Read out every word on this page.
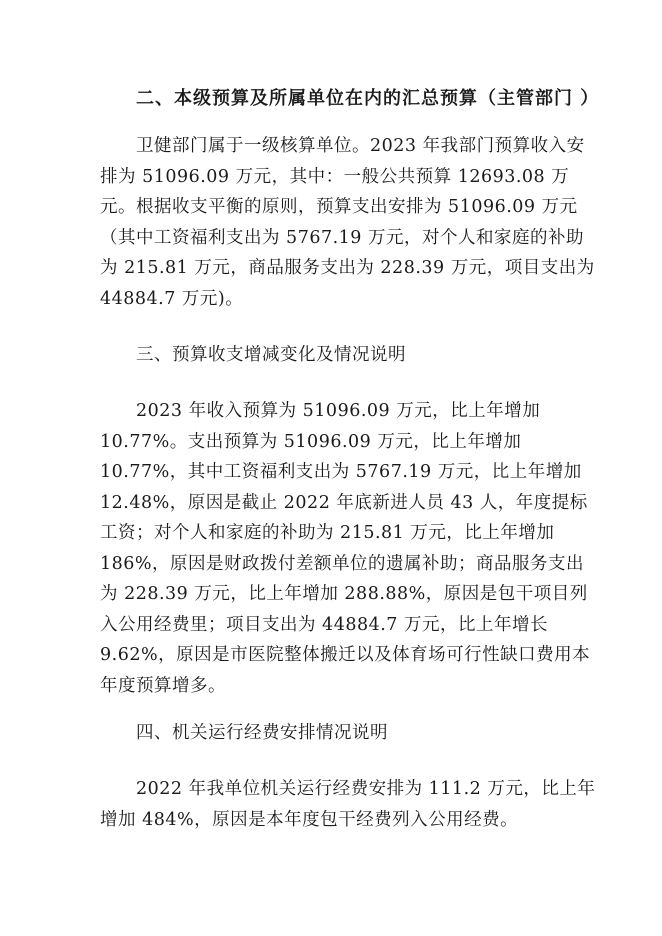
二、本级预算及所属单位在内的汇总预算（主管部门 ）

卫健部门属于一级核算单位。2023 年我部门预算收入安排为 51096.09 万元，其中：一般公共预算 12693.08 万元。根据收支平衡的原则，预算支出安排为 51096.09 万元（其中工资福利支出为 5767.19 万元，对个人和家庭的补助为 215.81 万元，商品服务支出为 228.39 万元，项目支出为 44884.7 万元)。

三、预算收支增减变化及情况说明

2023 年收入预算为 51096.09 万元，比上年增加 10.77%。支出预算为 51096.09 万元，比上年增加 10.77%，其中工资福利支出为 5767.19 万元，比上年增加 12.48%，原因是截止 2022 年底新进人员 43 人，年度提标工资；对个人和家庭的补助为 215.81 万元，比上年增加 186%，原因是财政拨付差额单位的遗属补助；商品服务支出为 228.39 万元，比上年增加 288.88%，原因是包干项目列入公用经费里；项目支出为 44884.7 万元，比上年增长 9.62%，原因是市医院整体搬迁以及体育场可行性缺口费用本年度预算增多。

四、机关运行经费安排情况说明

2022 年我单位机关运行经费安排为 111.2 万元，比上年增加 484%，原因是本年度包干经费列入公用经费。
